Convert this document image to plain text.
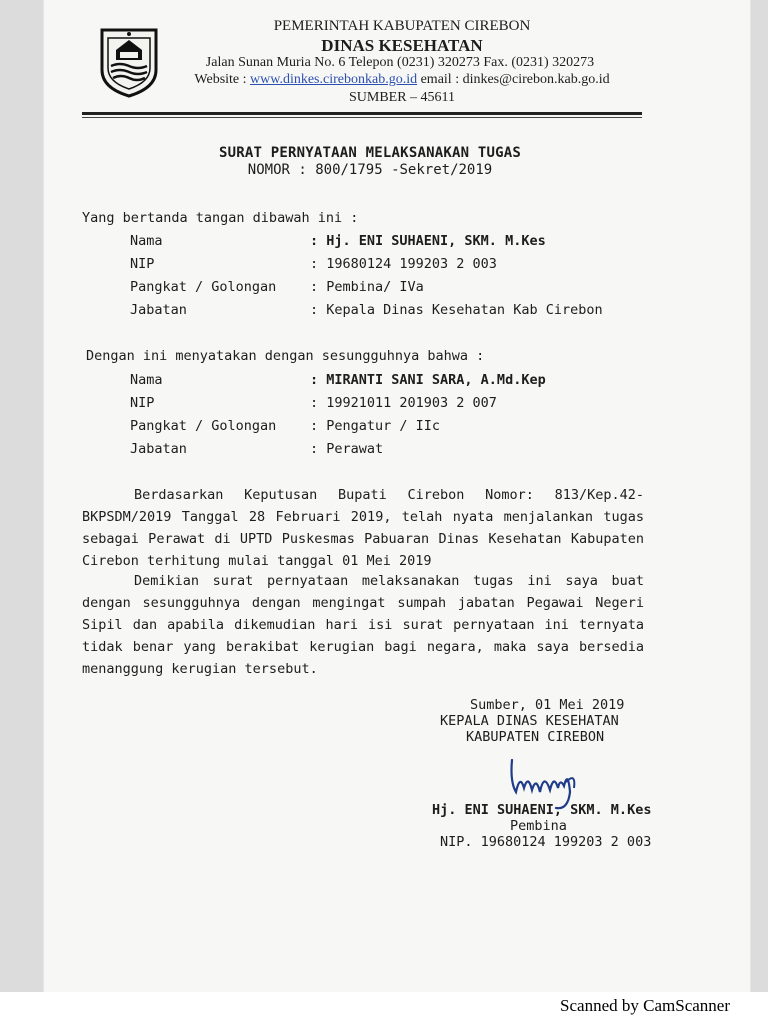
PEMERINTAH KABUPATEN CIREBON
DINAS KESEHATAN
Jalan Sunan Muria No. 6 Telepon (0231) 320273 Fax. (0231) 320273
Website : www.dinkes.cirebonkab.go.id email : dinkes@cirebon.kab.go.id
SUMBER – 45611
SURAT PERNYATAAN MELAKSANAKAN TUGAS
NOMOR : 800/1795 -Sekret/2019
Yang bertanda tangan dibawah ini :
Nama	: Hj. ENI SUHAENI, SKM. M.Kes
NIP	: 19680124 199203 2 003
Pangkat / Golongan : Pembina/ IVa
Jabatan	: Kepala Dinas Kesehatan Kab Cirebon
Dengan ini menyatakan dengan sesungguhnya bahwa :
Nama	: MIRANTI SANI SARA, A.Md.Kep
NIP	: 19921011 201903 2 007
Pangkat / Golongan : Pengatur / IIc
Jabatan	: Perawat
Berdasarkan Keputusan Bupati Cirebon Nomor: 813/Kep.42-BKPSDM/2019 Tanggal 28 Februari 2019, telah nyata menjalankan tugas sebagai Perawat di UPTD Puskesmas Pabuaran Dinas Kesehatan Kabupaten Cirebon terhitung mulai tanggal 01 Mei 2019
Demikian surat pernyataan melaksanakan tugas ini saya buat dengan sesungguhnya dengan mengingat sumpah jabatan Pegawai Negeri Sipil dan apabila dikemudian hari isi surat pernyataan ini ternyata tidak benar yang berakibat kerugian bagi negara, maka saya bersedia menanggung kerugian tersebut.
Sumber, 01 Mei 2019
KEPALA DINAS KESEHATAN
KABUPATEN CIREBON
Hj. ENI SUHAENI, SKM. M.Kes
Pembina
NIP. 19680124 199203 2 003
Scanned by CamScanner
